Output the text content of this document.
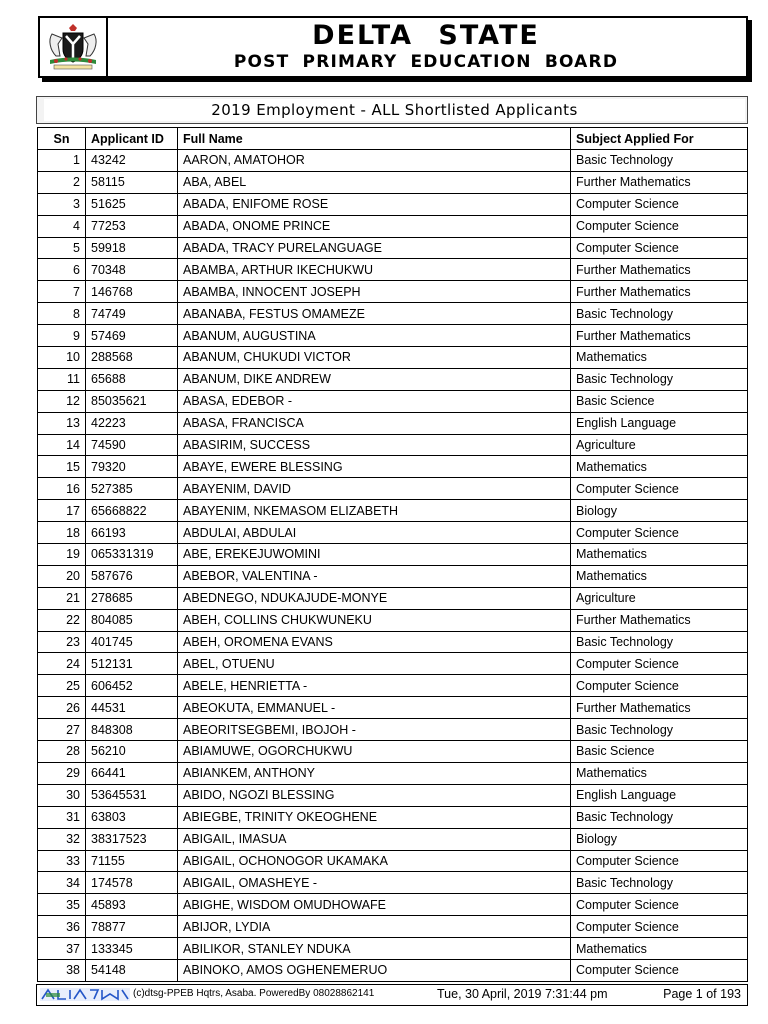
DELTA STATE
POST PRIMARY EDUCATION BOARD
2019 Employment - ALL Shortlisted Applicants
Sn	Applicant ID	Full Name	Subject Applied For
1	43242	AARON, AMATOHOR	Basic Technology
2	58115	ABA, ABEL	Further Mathematics
3	51625	ABADA, ENIFOME ROSE	Computer Science
4	77253	ABADA, ONOME PRINCE	Computer Science
5	59918	ABADA, TRACY PURELANGUAGE	Computer Science
6	70348	ABAMBA, ARTHUR IKECHUKWU	Further Mathematics
7	146768	ABAMBA, INNOCENT JOSEPH	Further Mathematics
8	74749	ABANABA, FESTUS OMAMEZE	Basic Technology
9	57469	ABANUM, AUGUSTINA	Further Mathematics
10	288568	ABANUM, CHUKUDI VICTOR	Mathematics
11	65688	ABANUM, DIKE ANDREW	Basic Technology
12	85035621	ABASA, EDEBOR -	Basic Science
13	42223	ABASA, FRANCISCA	English Language
14	74590	ABASIRIM, SUCCESS	Agriculture
15	79320	ABAYE, EWERE BLESSING	Mathematics
16	527385	ABAYENIM, DAVID	Computer Science
17	65668822	ABAYENIM, NKEMASOM ELIZABETH	Biology
18	66193	ABDULAI, ABDULAI	Computer Science
19	065331319	ABE, EREKEJUWOMINI	Mathematics
20	587676	ABEBOR, VALENTINA -	Mathematics
21	278685	ABEDNEGO, NDUKAJUDE-MONYE	Agriculture
22	804085	ABEH, COLLINS CHUKWUNEKU	Further Mathematics
23	401745	ABEH, OROMENA EVANS	Basic Technology
24	512131	ABEL, OTUENU	Computer Science
25	606452	ABELE, HENRIETTA -	Computer Science
26	44531	ABEOKUTA, EMMANUEL -	Further Mathematics
27	848308	ABEORITSEGBEMI, IBOJOH -	Basic Technology
28	56210	ABIAMUWE, OGORCHUKWU	Basic Science
29	66441	ABIANKEM, ANTHONY	Mathematics
30	53645531	ABIDO, NGOZI BLESSING	English Language
31	63803	ABIEGBE, TRINITY OKEOGHENE	Basic Technology
32	38317523	ABIGAIL, IMASUA	Biology
33	71155	ABIGAIL, OCHONOGOR UKAMAKA	Computer Science
34	174578	ABIGAIL, OMASHEYE -	Basic Technology
35	45893	ABIGHE, WISDOM OMUDHOWAFE	Computer Science
36	78877	ABIJOR, LYDIA	Computer Science
37	133345	ABILIKOR, STANLEY NDUKA	Mathematics
38	54148	ABINOKO, AMOS OGHENEMERUO	Computer Science
(c)dtsg-PPEB Hqtrs, Asaba. PoweredBy 08028862141	Tue, 30 April, 2019 7:31:44 pm	Page 1 of 193
